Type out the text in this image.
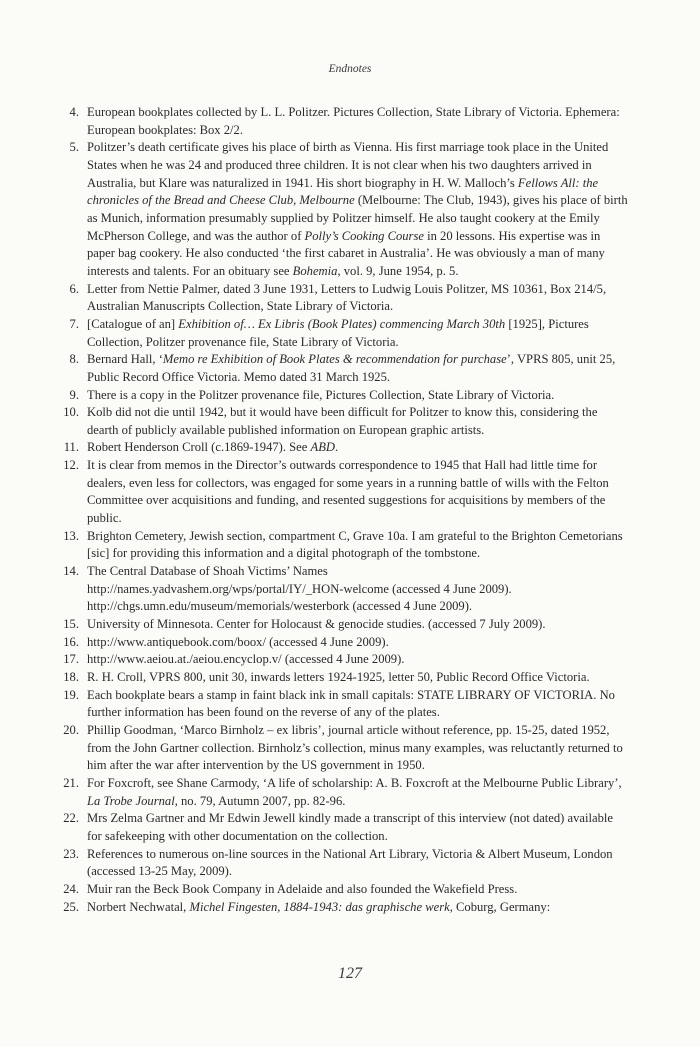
Endnotes
4. European bookplates collected by L. L. Politzer. Pictures Collection, State Library of Victoria. Ephemera: European bookplates: Box 2/2.
5. Politzer’s death certificate gives his place of birth as Vienna. His first marriage took place in the United States when he was 24 and produced three children. It is not clear when his two daughters arrived in Australia, but Klare was naturalized in 1941. His short biography in H. W. Malloch’s Fellows All: the chronicles of the Bread and Cheese Club, Melbourne (Melbourne: The Club, 1943), gives his place of birth as Munich, information presumably supplied by Politzer himself. He also taught cookery at the Emily McPherson College, and was the author of Polly’s Cooking Course in 20 lessons. His expertise was in paper bag cookery. He also conducted ‘the first cabaret in Australia’. He was obviously a man of many interests and talents. For an obituary see Bohemia, vol. 9, June 1954, p. 5.
6. Letter from Nettie Palmer, dated 3 June 1931, Letters to Ludwig Louis Politzer, MS 10361, Box 214/5, Australian Manuscripts Collection, State Library of Victoria.
7. [Catalogue of an] Exhibition of… Ex Libris (Book Plates) commencing March 30th [1925], Pictures Collection, Politzer provenance file, State Library of Victoria.
8. Bernard Hall, ‘Memo re Exhibition of Book Plates & recommendation for purchase’, VPRS 805, unit 25, Public Record Office Victoria. Memo dated 31 March 1925.
9. There is a copy in the Politzer provenance file, Pictures Collection, State Library of Victoria.
10. Kolb did not die until 1942, but it would have been difficult for Politzer to know this, considering the dearth of publicly available published information on European graphic artists.
11. Robert Henderson Croll (c.1869-1947). See ABD.
12. It is clear from memos in the Director’s outwards correspondence to 1945 that Hall had little time for dealers, even less for collectors, was engaged for some years in a running battle of wills with the Felton Committee over acquisitions and funding, and resented suggestions for acquisitions by members of the public.
13. Brighton Cemetery, Jewish section, compartment C, Grave 10a. I am grateful to the Brighton Cemetorians [sic] for providing this information and a digital photograph of the tombstone.
14. The Central Database of Shoah Victims’ Names
http://names.yadvashem.org/wps/portal/IY/_HON-welcome (accessed 4 June 2009).
http://chgs.umn.edu/museum/memorials/westerbork (accessed 4 June 2009).
15. University of Minnesota. Center for Holocaust & genocide studies. (accessed 7 July 2009).
16. http://www.antiquebook.com/boox/ (accessed 4 June 2009).
17. http://www.aeiou.at./aeiou.encyclop.v/ (accessed 4 June 2009).
18. R. H. Croll, VPRS 800, unit 30, inwards letters 1924-1925, letter 50, Public Record Office Victoria.
19. Each bookplate bears a stamp in faint black ink in small capitals: STATE LIBRARY OF VICTORIA. No further information has been found on the reverse of any of the plates.
20. Phillip Goodman, ‘Marco Birnholz – ex libris’, journal article without reference, pp. 15-25, dated 1952, from the John Gartner collection. Birnholz’s collection, minus many examples, was reluctantly returned to him after the war after intervention by the US government in 1950.
21. For Foxcroft, see Shane Carmody, ‘A life of scholarship: A. B. Foxcroft at the Melbourne Public Library’, La Trobe Journal, no. 79, Autumn 2007, pp. 82-96.
22. Mrs Zelma Gartner and Mr Edwin Jewell kindly made a transcript of this interview (not dated) available for safekeeping with other documentation on the collection.
23. References to numerous on-line sources in the National Art Library, Victoria & Albert Museum, London (accessed 13-25 May, 2009).
24. Muir ran the Beck Book Company in Adelaide and also founded the Wakefield Press.
25. Norbert Nechwatal, Michel Fingesten, 1884-1943: das graphische werk, Coburg, Germany:
127
